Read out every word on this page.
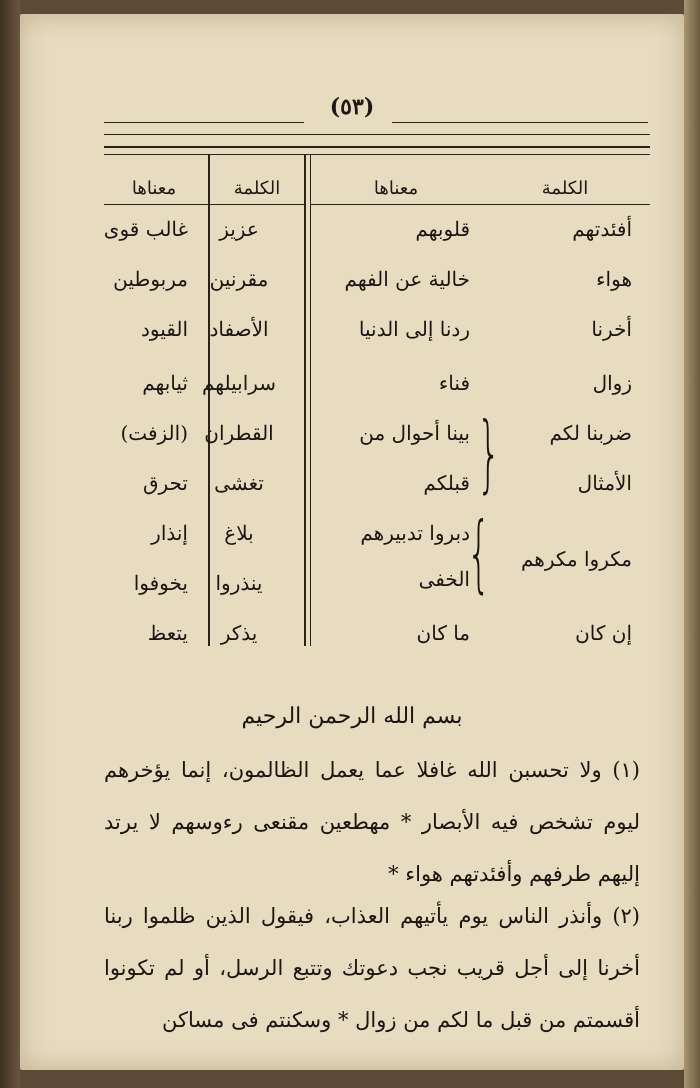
(٥٣)
الكلمة
معناها
الكلمة
معناها
أفئدتهم
قلوبهم
عزيز
غالب قوى
هواء
خالية عن الفهم
مقرنين
مربوطين
أخرنا
ردنا إلى الدنيا
الأصفاد
القيود
زوال
فناء
سرابيلهم
ثيابهم
ضربنا لكم
بينا أحوال من
القطران
(الزفت)
الأمثال
قبلكم
تغشى
تحرق
دبروا تدبيرهم
بلاغ
إنذار
مكروا مكرهم
الخفى
ينذروا
يخوفوا
إن كان
ما كان
يذكر
يتعظ
}
{
بسم الله الرحمن الرحيم
(١) ولا تحسبن الله غافلا عما يعمل الظالمون، إنما يؤخرهم ليوم تشخص فيه الأبصار * مهطعين مقنعى رءوسهم لا يرتد إليهم طرفهم وأفئدتهم هواء *
(٢) وأنذر الناس يوم يأتيهم العذاب، فيقول الذين ظلموا ربنا أخرنا إلى أجل قريب نجب دعوتك وتتبع الرسل، أو لم تكونوا أقسمتم من قبل ما لكم من زوال * وسكنتم فى مساكن
